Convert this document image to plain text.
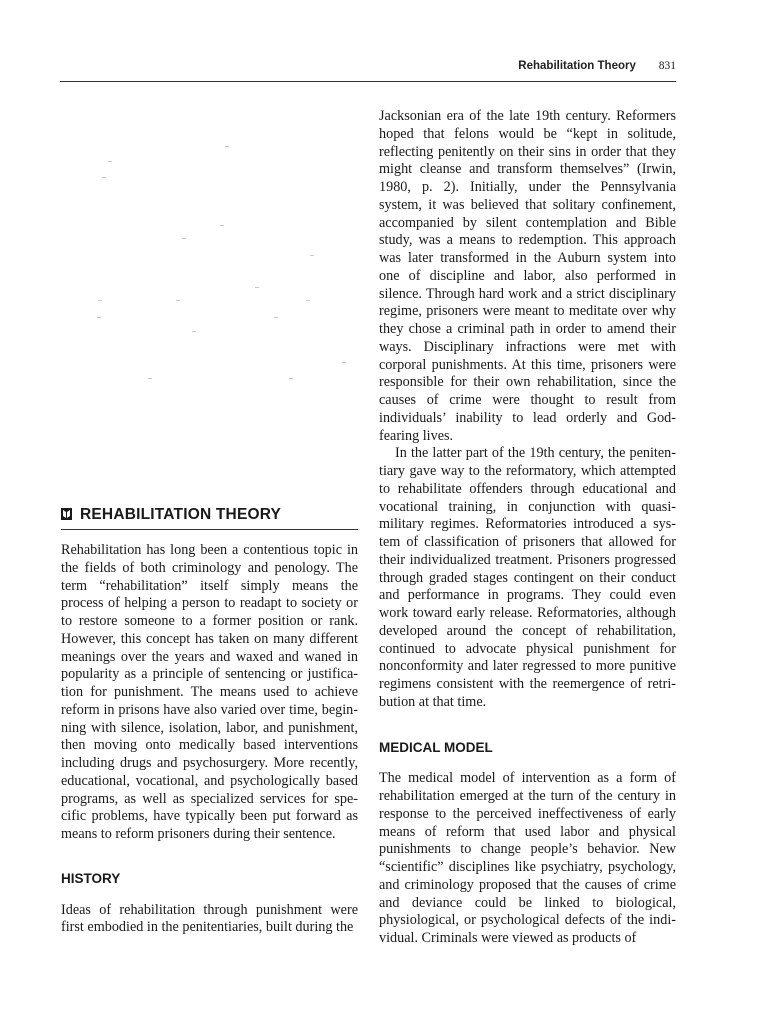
Rehabilitation Theory 831
REHABILITATION THEORY

Rehabilitation has long been a contentious topic in the fields of both criminology and penology. The term “rehabilitation” itself simply means the process of helping a person to readapt to society or to restore someone to a former position or rank. However, this concept has taken on many different meanings over the years and waxed and waned in popularity as a principle of sentencing or justification for punishment. The means used to achieve reform in prisons have also varied over time, beginning with silence, isolation, labor, and punishment, then moving onto medically based interventions including drugs and psychosurgery. More recently, educational, vocational, and psychologically based programs, as well as specialized services for specific problems, have typically been put forward as means to reform prisoners during their sentence.

HISTORY

Ideas of rehabilitation through punishment were first embodied in the penitentiaries, built during the

Jacksonian era of the late 19th century. Reformers hoped that felons would be “kept in solitude, reflecting penitently on their sins in order that they might cleanse and transform themselves” (Irwin, 1980, p. 2). Initially, under the Pennsylvania system, it was believed that solitary confinement, accompanied by silent contemplation and Bible study, was a means to redemption. This approach was later transformed in the Auburn system into one of discipline and labor, also performed in silence. Through hard work and a strict disciplinary regime, prisoners were meant to meditate over why they chose a criminal path in order to amend their ways. Disciplinary infractions were met with corporal punishments. At this time, prisoners were responsible for their own rehabilitation, since the causes of crime were thought to result from individuals’ inability to lead orderly and God-fearing lives.

In the latter part of the 19th century, the penitentiary gave way to the reformatory, which attempted to rehabilitate offenders through educational and vocational training, in conjunction with quasi-military regimes. Reformatories introduced a system of classification of prisoners that allowed for their individualized treatment. Prisoners progressed through graded stages contingent on their conduct and performance in programs. They could even work toward early release. Reformatories, although developed around the concept of rehabilitation, continued to advocate physical punishment for nonconformity and later regressed to more punitive regimens consistent with the reemergence of retribution at that time.

MEDICAL MODEL

The medical model of intervention as a form of rehabilitation emerged at the turn of the century in response to the perceived ineffectiveness of early means of reform that used labor and physical punishments to change people’s behavior. New “scientific” disciplines like psychiatry, psychology, and criminology proposed that the causes of crime and deviance could be linked to biological, physiological, or psychological defects of the individual. Criminals were viewed as products of
